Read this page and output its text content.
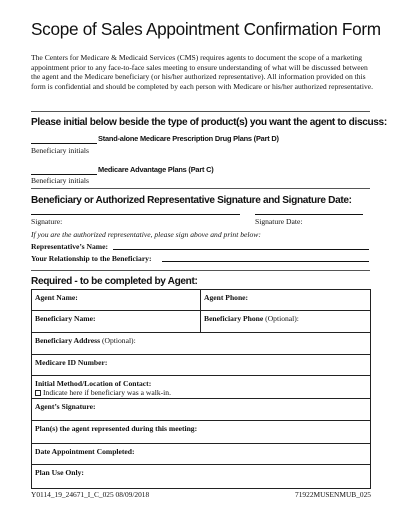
Scope of Sales Appointment Confirmation Form
The Centers for Medicare & Medicaid Services (CMS) requires agents to document the scope of a marketing appointment prior to any face-to-face sales meeting to ensure understanding of what will be discussed between the agent and the Medicare beneficiary (or his/her authorized representative). All information provided on this form is confidential and should be completed by each person with Medicare or his/her authorized representative.
Please initial below beside the type of product(s) you want the agent to discuss:
Stand-alone Medicare Prescription Drug Plans (Part D)
Beneficiary initials
Medicare Advantage Plans (Part C)
Beneficiary initials
Beneficiary or Authorized Representative Signature and Signature Date:
Signature:	Signature Date:
If you are the authorized representative, please sign above and print below:
Representative’s Name:
Your Relationship to the Beneficiary:
Required - to be completed by Agent:
Agent Name:	Agent Phone:
Beneficiary Name:	Beneficiary Phone (Optional):
Beneficiary Address (Optional):	
Medicare ID Number:	

Initial Method/Location of Contact:
Indicate here if beneficiary was a walk-in.	

Agent’s Signature:	
Plan(s) the agent represented during this meeting:	
Date Appointment Completed:	
Plan Use Only:	
Y0114_19_24671_I_C_025 08/09/2018	71922MUSENMUB_025
